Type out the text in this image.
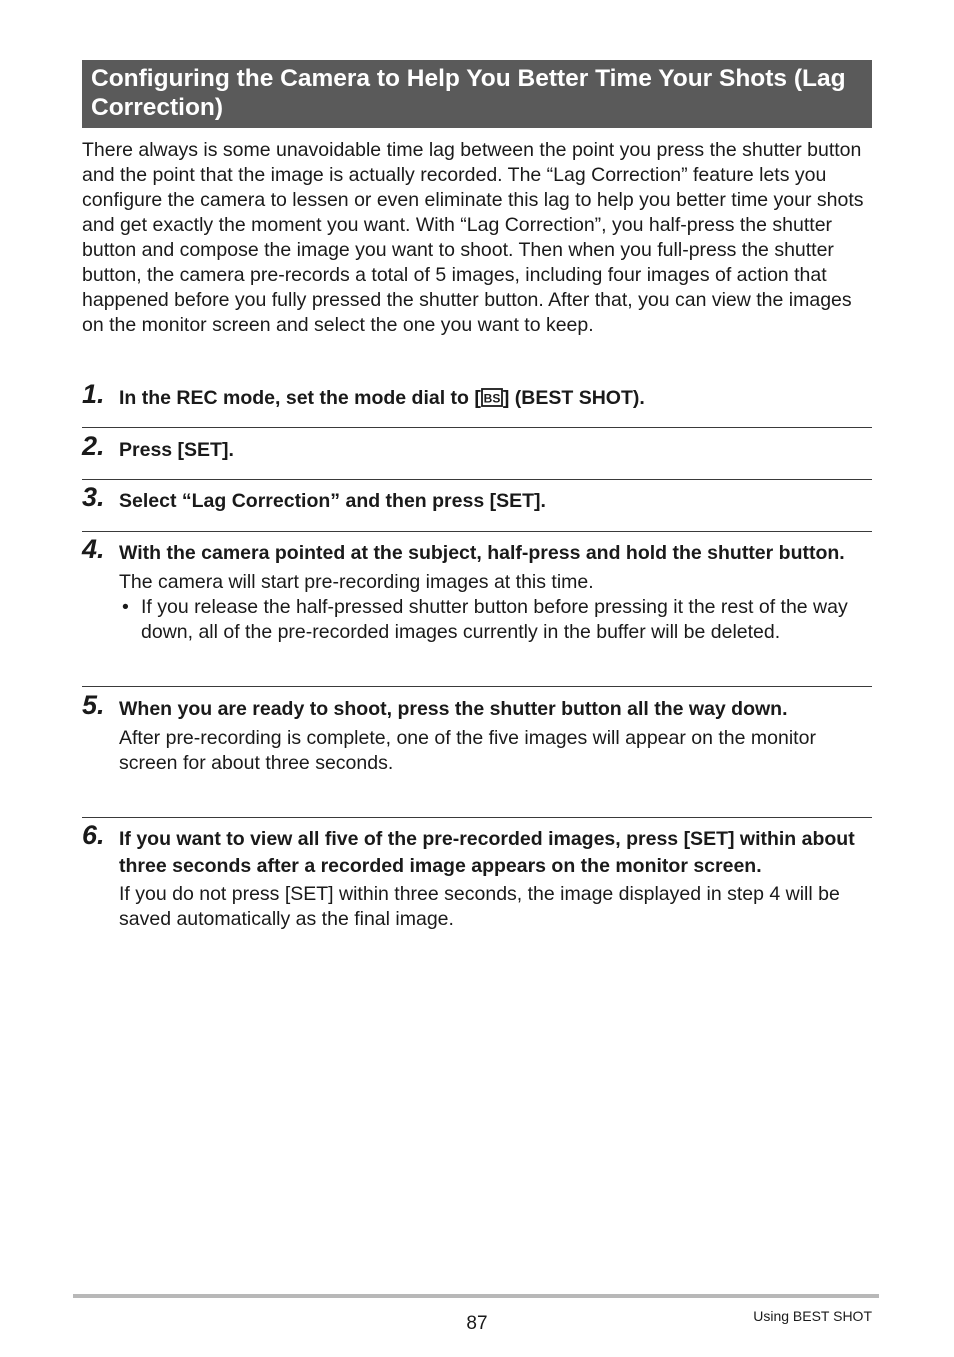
Configuring the Camera to Help You Better Time Your Shots (Lag Correction)

There always is some unavoidable time lag between the point you press the shutter button and the point that the image is actually recorded. The “Lag Correction” feature lets you configure the camera to lessen or even eliminate this lag to help you better time your shots and get exactly the moment you want. With “Lag Correction”, you half-press the shutter button and compose the image you want to shoot. Then when you full-press the shutter button, the camera pre-records a total of 5 images, including four images of action that happened before you fully pressed the shutter button. After that, you can view the images on the monitor screen and select the one you want to keep.

1. In the REC mode, set the mode dial to [ BS ] (BEST SHOT).

2. Press [SET].

3. Select “Lag Correction” and then press [SET].

4. With the camera pointed at the subject, half-press and hold the shutter button.

The camera will start pre-recording images at this time.

• If you release the half-pressed shutter button before pressing it the rest of the way down, all of the pre-recorded images currently in the buffer will be deleted.
5. When you are ready to shoot, press the shutter button all the way down.

After pre-recording is complete, one of the five images will appear on the monitor screen for about three seconds.

6. If you want to view all five of the pre-recorded images, press [SET] within about three seconds after a recorded image appears on the monitor screen.

If you do not press [SET] within three seconds, the image displayed in step 4 will be saved automatically as the final image.

87	Using BEST SHOT
